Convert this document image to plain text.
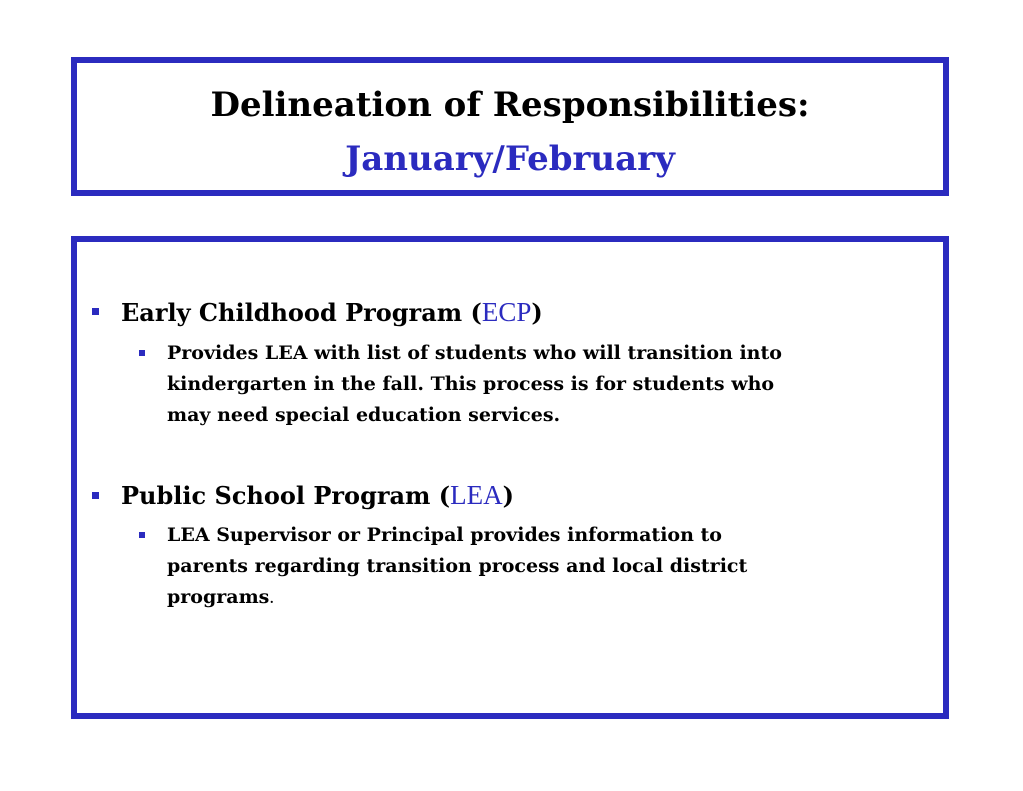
Delineation of Responsibilities:
January/February
Early Childhood Program (ECP)
Provides LEA with list of students who will transition into
kindergarten in the fall. This process is for students who
may need special education services.
Public School Program (LEA)
LEA Supervisor or Principal provides information to
parents regarding transition process and local district
programs.
